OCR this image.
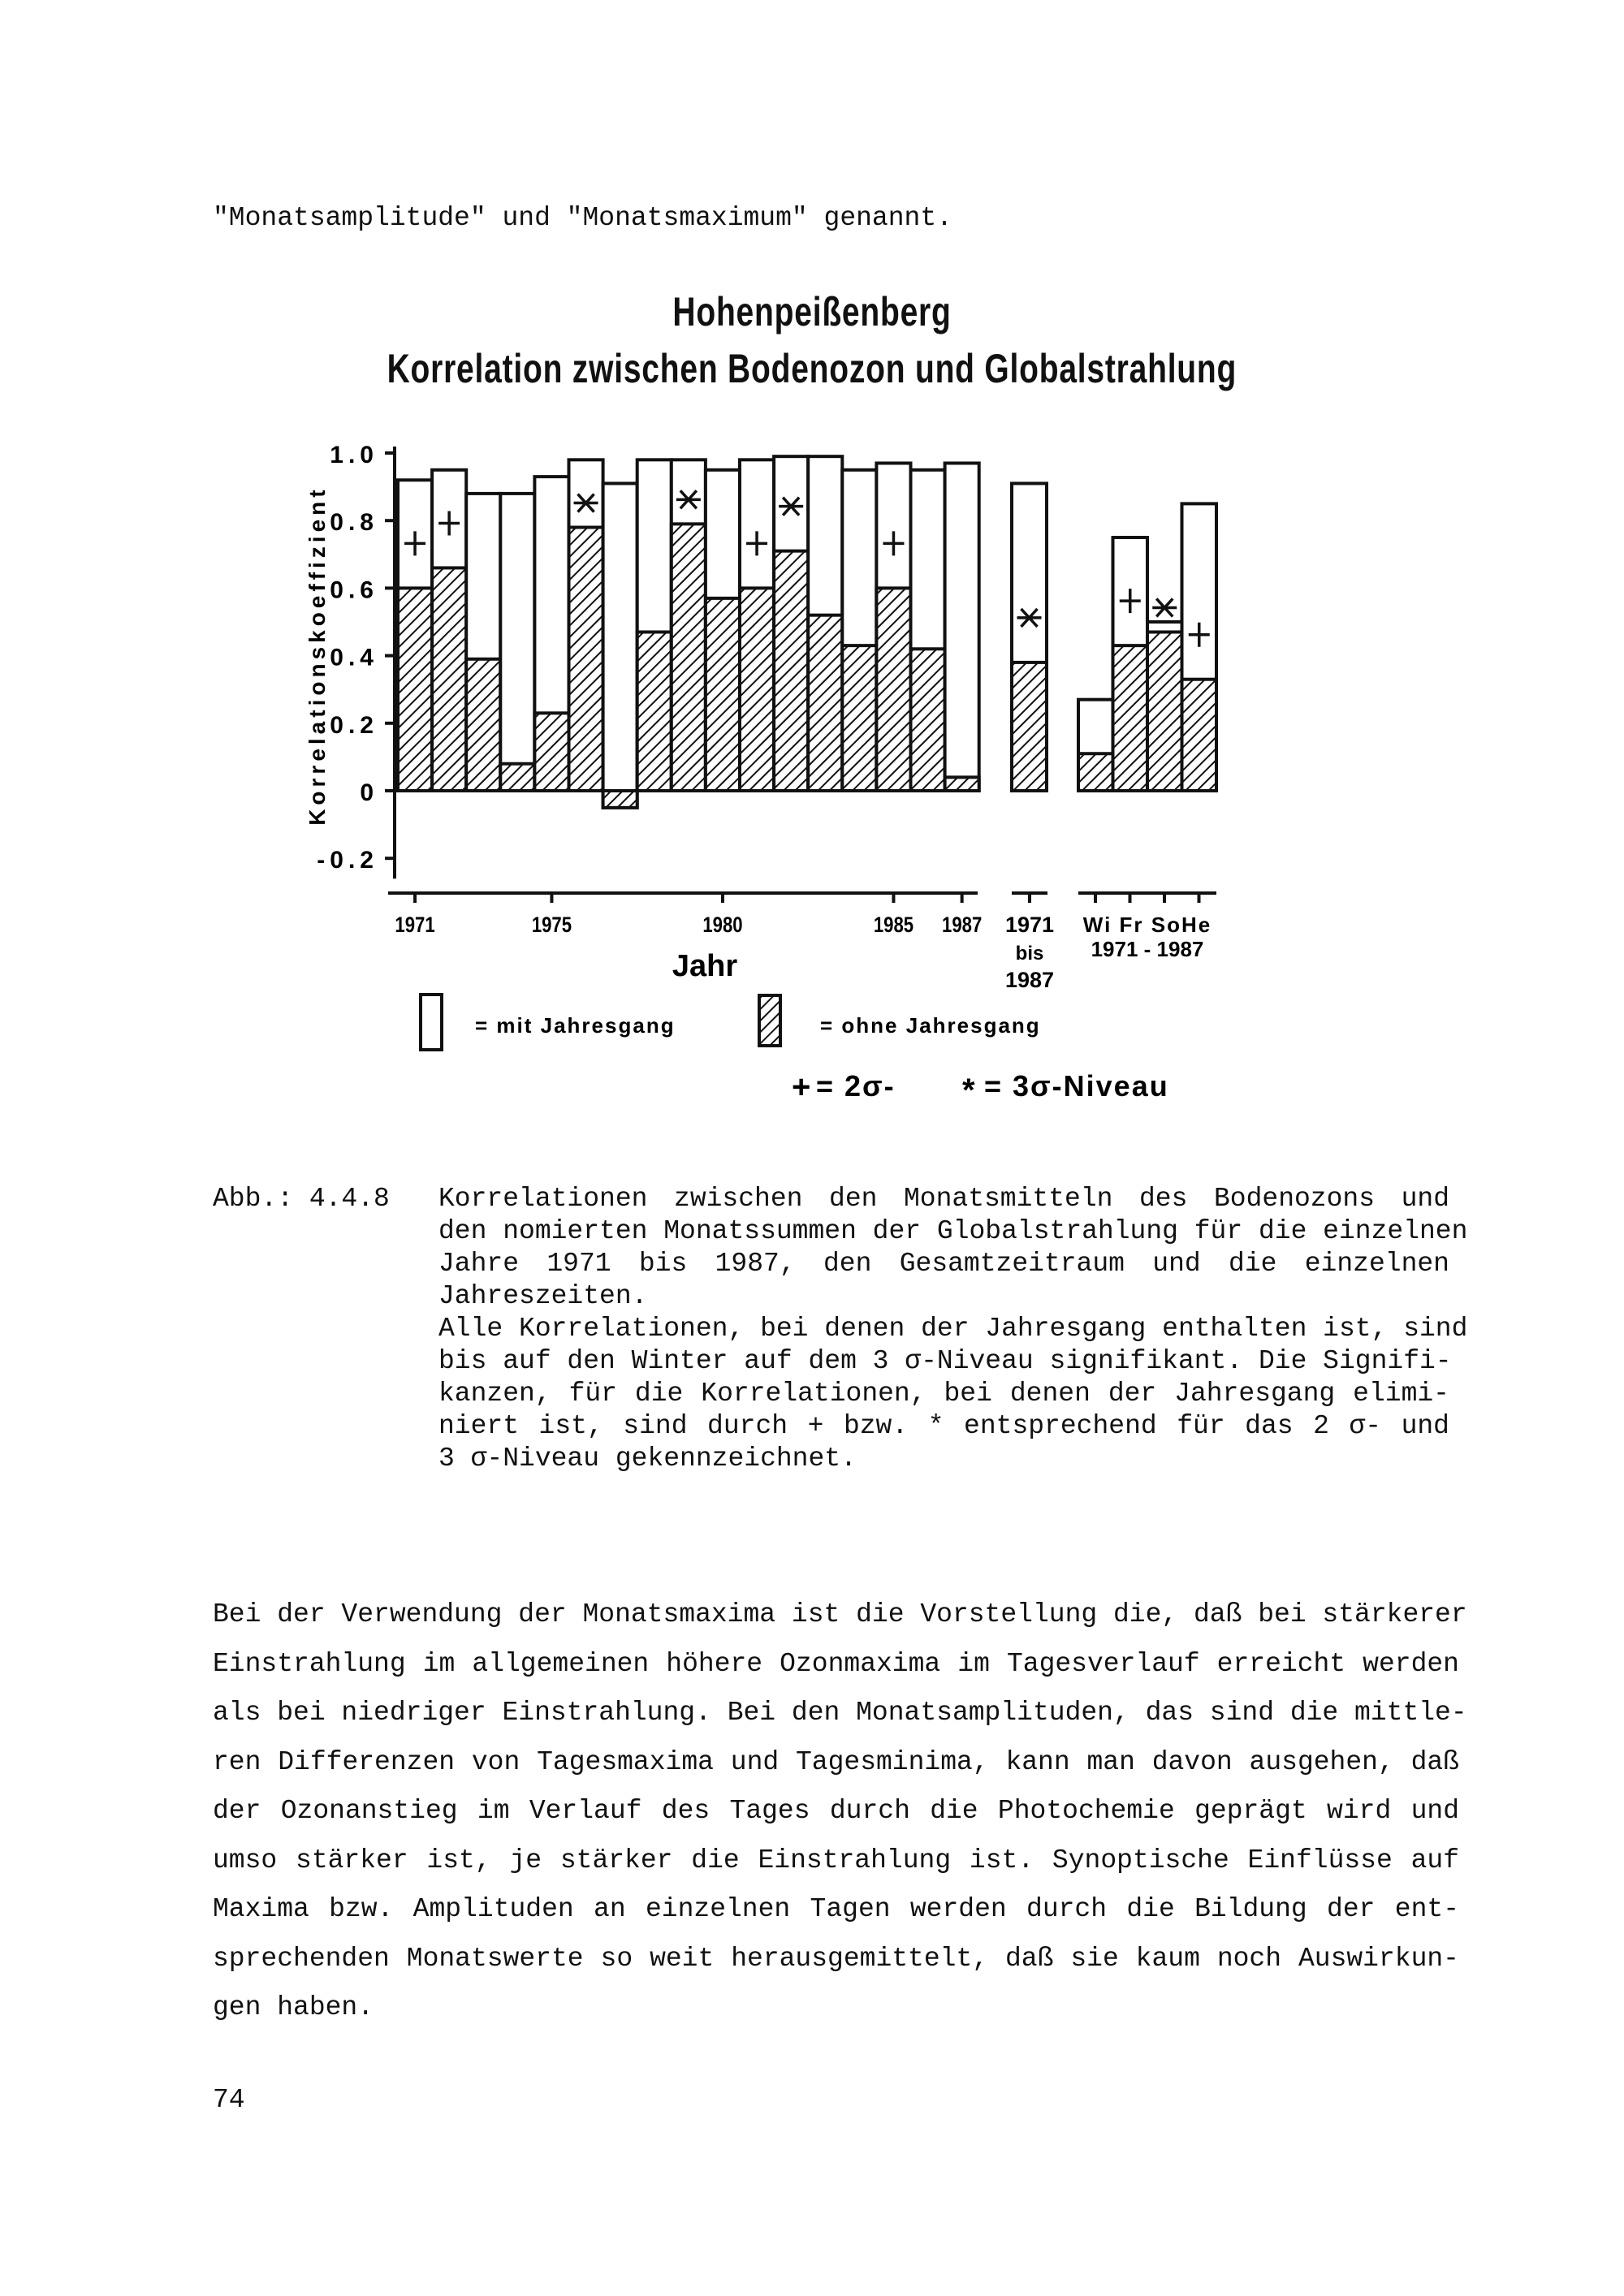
"Monatsamplitude" und "Monatsmaximum" genannt.
Hohenpeißenberg
Korrelation zwischen Bodenozon und Globalstrahlung
1.0
0.8
0.6
0.4
0.2
0
-0.2
Korrelationskoeffizient
1971	1975	1980	1985 1987 1971
bis
1987
Wi Fr SoHe
1971 - 1987
Jahr
= mit Jahresgang	= ohne Jahresgang
+ = 2σ- * = 3σ-Niveau
Abb.: 4.4.8 Korrelationen zwischen den Monatsmitteln des Bodenozons und
den nomierten Monatssummen der Globalstrahlung für die einzelnen
Jahre 1971 bis 1987, den Gesamtzeitraum und die einzelnen
Jahreszeiten.
Alle Korrelationen, bei denen der Jahresgang enthalten ist, sind
bis auf den Winter auf dem 3 σ-Niveau signifikant. Die Signifi-
kanzen, für die Korrelationen, bei denen der Jahresgang elimi-
niert ist, sind durch + bzw. * entsprechend für das 2 σ- und
3 σ-Niveau gekennzeichnet.
Bei der Verwendung der Monatsmaxima ist die Vorstellung die, daß bei stärkerer
Einstrahlung im allgemeinen höhere Ozonmaxima im Tagesverlauf erreicht werden
als bei niedriger Einstrahlung. Bei den Monatsamplituden, das sind die mittle-
ren Differenzen von Tagesmaxima und Tagesminima, kann man davon ausgehen, daß
der Ozonanstieg im Verlauf des Tages durch die Photochemie geprägt wird und
umso stärker ist, je stärker die Einstrahlung ist. Synoptische Einflüsse auf
Maxima bzw. Amplituden an einzelnen Tagen werden durch die Bildung der ent-
sprechenden Monatswerte so weit herausgemittelt, daß sie kaum noch Auswirkun-
gen haben.
74
